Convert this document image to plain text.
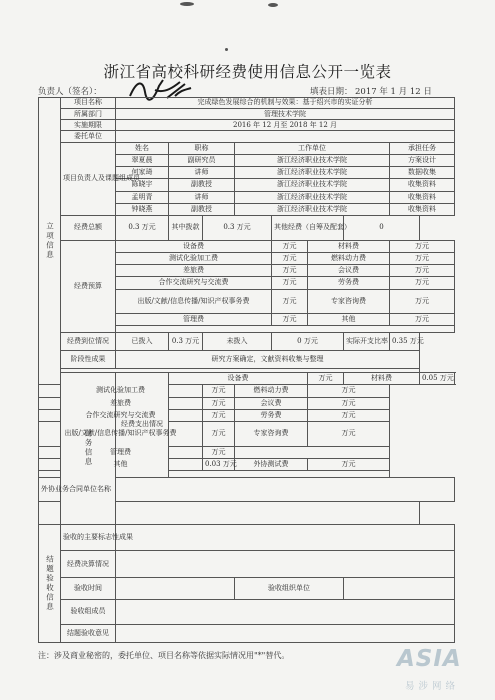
浙江省高校科研经费使用信息公开一览表
负责人（签名）：	填表日期： 2017 年 1 月 12 日
立项信息	项目名称	完成绿色发展综合的机制与效果：基于绍兴市的实证分析								
	所属部门	管理技术学院								
	实施期限	2016 年 12 月至 2018 年 12 月								
	委托单位									
	项目负责人及课题组成员	姓名	职称		工作单位				承担任务	
		翠夏晨	副研究员		浙江经济职业技术学院				方案设计	
		何家琦	讲师		浙江经济职业技术学院				数据收集	
		陈晓宇	副教授		浙江经济职业技术学院				收集资料	
		孟明青	讲师		浙江经济职业技术学院				收集资料	
		钟晓燕	副教授		浙江经济职业技术学院				收集资料	
	经费总额	0.3 万元	其中拨款	0.3 万元		其他经费（自筹及配套）		0		
	经费预算	设备费				万元	材料费		万元	
		测试化验加工费				万元	燃料动力费		万元	
		差旅费				万元	会议费		万元	
		合作交流研究与交流费				万元	劳务费		万元	
		出版/文献/信息传播/知识产权事务费				万元	专家咨询费		万元	
		管理费				万元	其他		万元	

	经费到位情况	已拨入	0.3 万元	未拨入		0 万元		实际开支比率	0.35 万元	
	阶段性成果	研究方案确定，文献资料收集与整理								

	财务信息	经费支出情况	设备费				万元	材料费		0.05 万元
测试化验加工费				万元	燃料动力费		万元			
差旅费				万元	会议费		万元			
合作交流研究与交流费				万元	劳务费		万元			
出版/文献/信息传播/知识产权事务费				万元	专家咨询费		万元			
管理费				万元						
其他				0.03 万元	外协测试费		万元			

外协业务合同单位名称										

结题验收信息	验收的主要标志性成果									
	经费决算情况									
	验收时间				验收组织单位					
	验收组成员									
	结题验收意见									
注：涉及商业秘密的，委托单位、项目名称等依据实际情况用"*"替代。	ASIA
易涉网络
